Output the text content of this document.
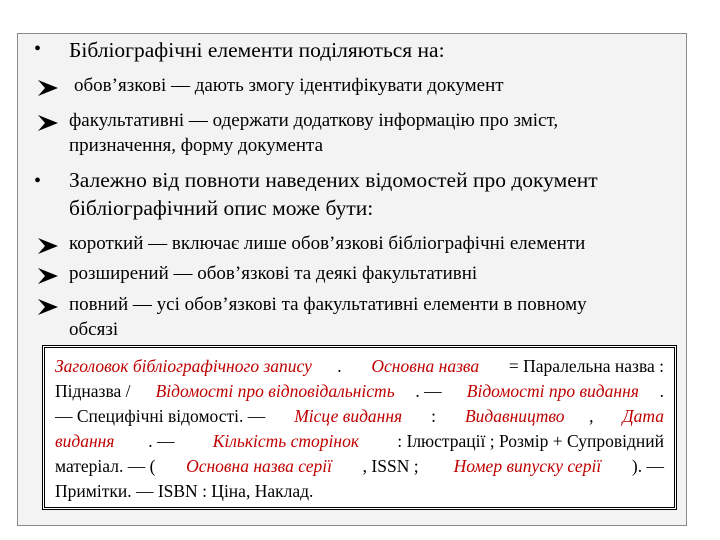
• Бібліографічні елементи поділяються на:
обов’язкові — дають змогу ідентифікувати документ
факультативні — одержати додаткову інформацію про зміст,
призначення, форму документа
• Залежно від повноти наведених відомостей про документ
бібліографічний опис може бути:
короткий — включає лише обов’язкові бібліографічні елементи
розширений — обов’язкові та деякі факультативні
повний — усі обов’язкові та факультативні елементи в повному
обсязі
Заголовок бібліографічного запису . Основна назва = Паралельна назва :
Підназва / Відомості про відповідальність . — Відомості про видання .
— Специфічні відомості. — Місце видання : Видавництво , Дата
видання . — Кількість сторінок : Ілюстрації ; Розмір + Супровідний
матеріал. — ( Основна назва серії , ISSN ; Номер випуску серії ). —
Примітки. — ISBN : Ціна, Наклад.
